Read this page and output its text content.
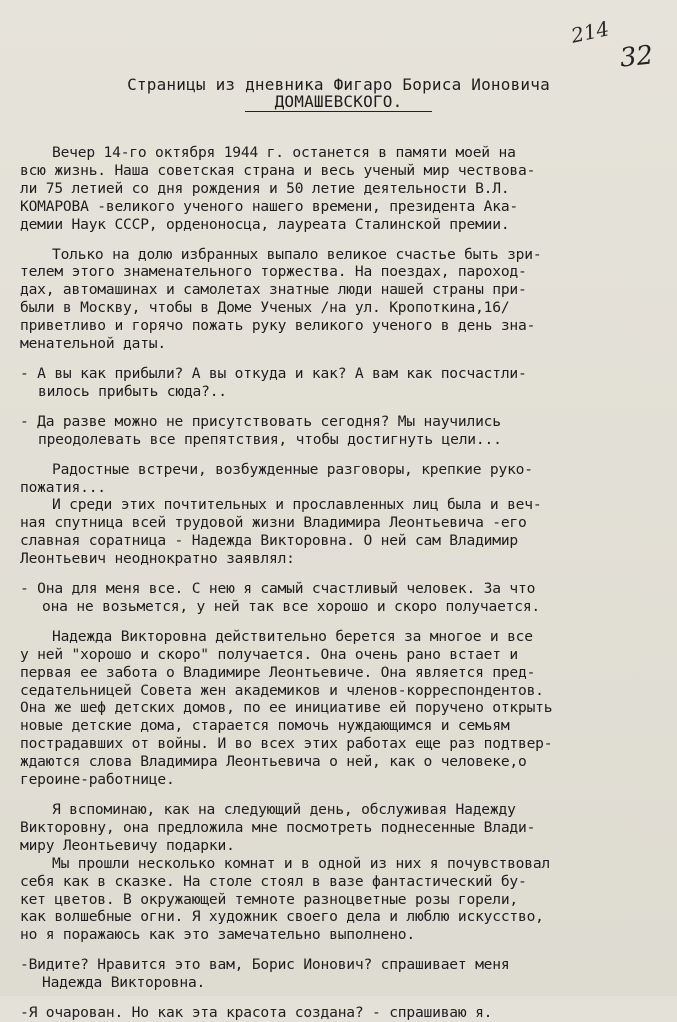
214
32
Страницы из дневника Фигаро Бориса Ионовича
ДОМАШЕВСКОГО.
Вечер 14-го октября 1944 г. останется в памяти моей на
всю жизнь. Наша советская страна и весь ученый мир чествова-
ли 75 летией со дня рождения и 50 летие деятельности В.Л.
КОМАРОВА -великого ученого нашего времени, президента Ака-
демии Наук СССР, орденоносца, лауреата Сталинской премии.
Только на долю избранных выпало великое счастье быть зри-
телем этого знаменательного торжества. На поездах, пароход-
дах, автомашинах и самолетах знатные люди нашей страны при-
были в Москву, чтобы в Доме Ученых /на ул. Кропоткина,16/
приветливо и горячо пожать руку великого ученого в день зна-
менательной даты.
- А вы как прибыли? А вы откуда и как? А вам как посчастли-
вилось прибыть сюда?..
- Да разве можно не присутствовать сегодня? Мы научились
преодолевать все препятствия, чтобы достигнуть цели...
Радостные встречи, возбужденные разговоры, крепкие руко-
пожатия...
И среди этих почтительных и прославленных лиц была и веч-
ная спутница всей трудовой жизни Владимира Леонтьевича -его
славная соратница - Надежда Викторовна. О ней сам Владимир
Леонтьевич неоднократно заявлял:
- Она для меня все. С нею я самый счастливый человек. За что
она не возьмется, у ней так все хорошо и скоро получается.
Надежда Викторовна действительно берется за многое и все
у ней "хорошо и скоро" получается. Она очень рано встает и
первая ее забота о Владимире Леонтьевиче. Она является пред-
седательницей Совета жен академиков и членов-корреспондентов.
Она же шеф детских домов, по ее инициативе ей поручено открыть
новые детские дома, старается помочь нуждающимся и семьям
пострадавших от войны. И во всех этих работах еще раз подтвер-
ждаются слова Владимира Леонтьевича о ней, как о человеке,о
героине-работнице.
Я вспоминаю, как на следующий день, обслуживая Надежду
Викторовну, она предложила мне посмотреть поднесенные Влади-
миру Леонтьевичу подарки.
Мы прошли несколько комнат и в одной из них я почувствовал
себя как в сказке. На столе стоял в вазе фантастический бу-
кет цветов. В окружающей темноте разноцветные розы горели,
как волшебные огни. Я художник своего дела и люблю искусство,
но я поражаюсь как это замечательно выполнено.
-Видите? Нравится это вам, Борис Ионович? спрашивает меня
Надежда Викторовна.
-Я очарован. Но как эта красота создана? - спрашиваю я.
